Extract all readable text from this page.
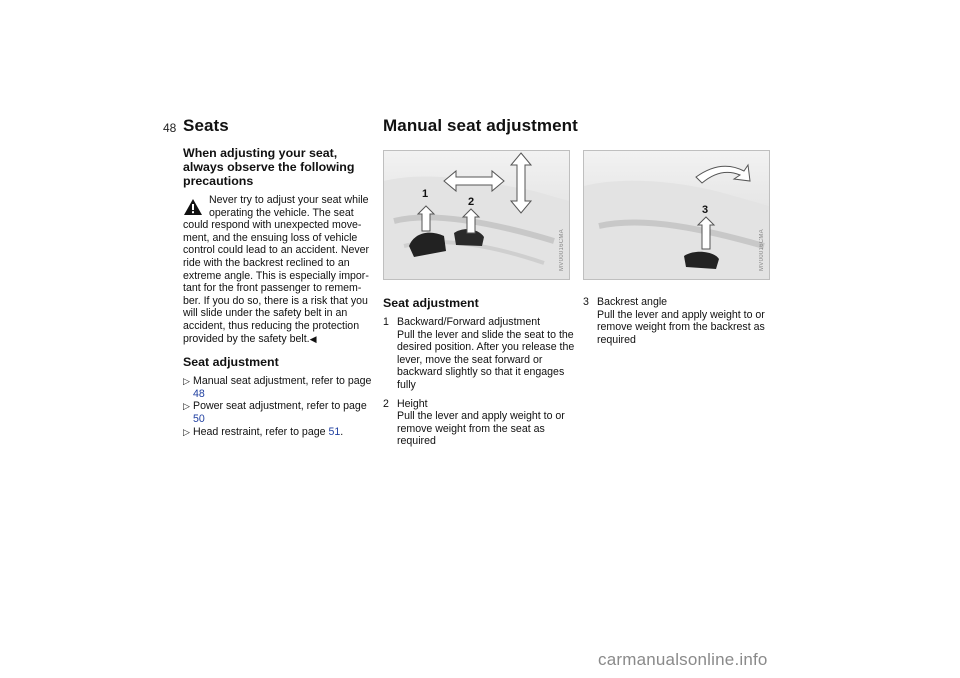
48 Seats	Manual seat adjustment
When adjusting your seat, always observe the following precautions
Never try to adjust your seat while
operating the vehicle. The seat
could respond with unexpected move-ment, and the ensuing loss of vehicle control could lead to an accident. Never ride with the backrest reclined to an extreme angle. This is especially impor-tant for the front passenger to remem-ber. If you do so, there is a risk that you will slide under the safety belt in an accident, thus reducing the protection provided by the safety belt.◀
Seat adjustment
▷ Manual seat adjustment, refer to page 48
▷ Power seat adjustment, refer to page 50
▷ Head restraint, refer to page 51.
1
2
MV00016CMA
3
MV00016CMA
Seat adjustment
1 Backward/Forward adjustment
Pull the lever and slide the seat to the desired position. After you release the lever, move the seat forward or backward slightly so that it engages fully
2 Height
Pull the lever and apply weight to or remove weight from the seat as required
3 Backrest angle
Pull the lever and apply weight to or remove weight from the backrest as required
carmanualsonline.info
